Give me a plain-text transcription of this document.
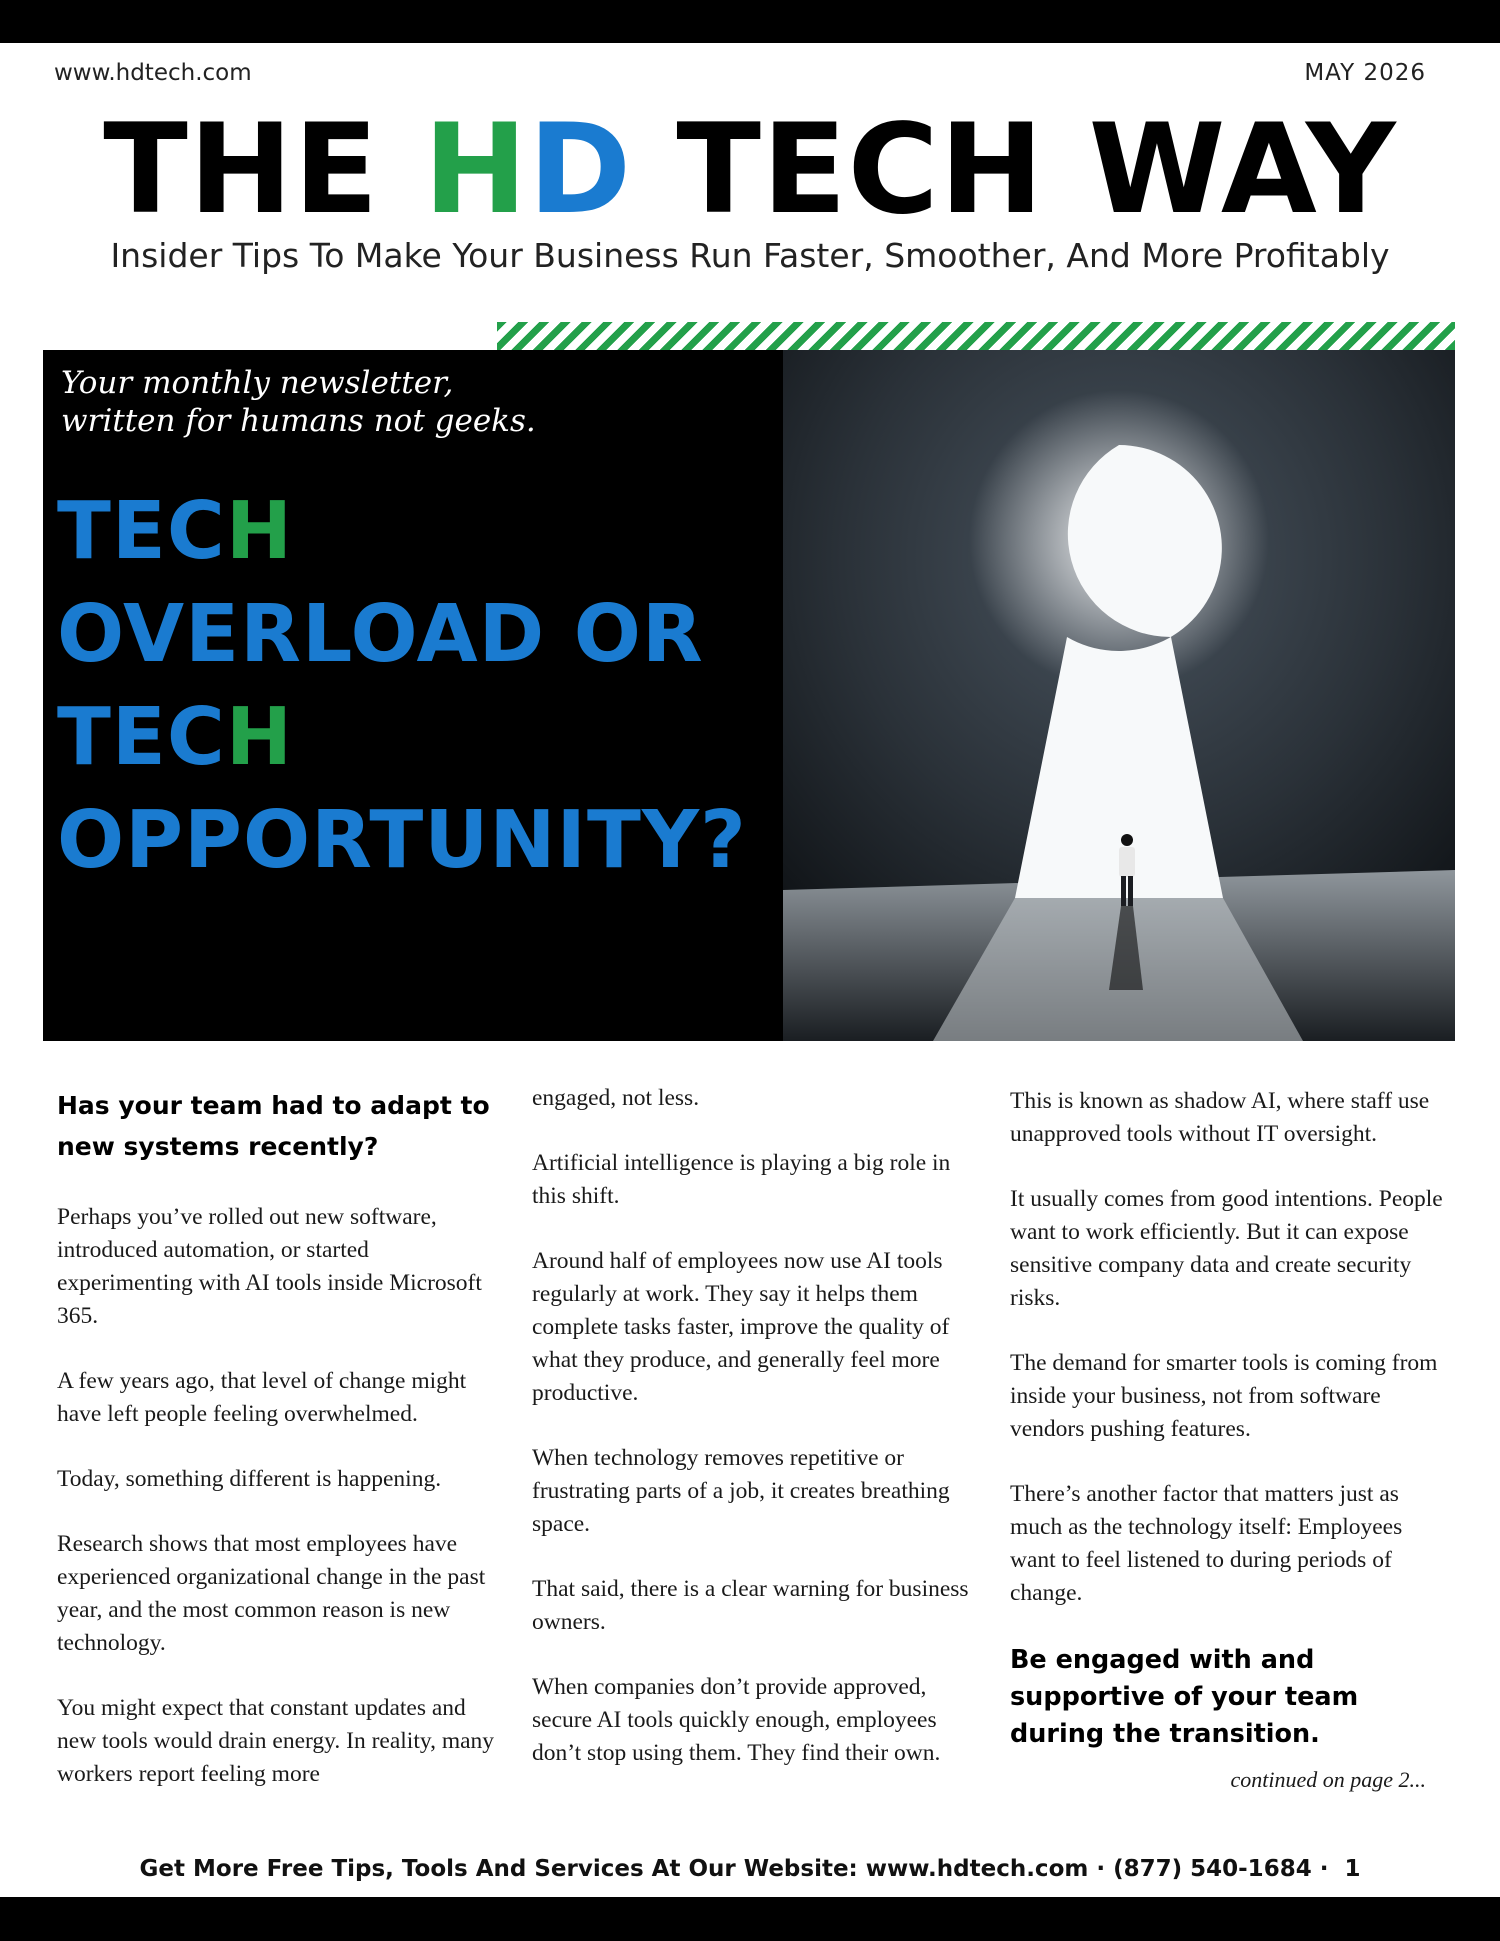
www.hdtech.com	MAY 2026
THE HD TECH WAY
Insider Tips To Make Your Business Run Faster, Smoother, And More Profitably
Your monthly newsletter,
written for humans not geeks.
TECH
OVERLOAD OR
TECH
OPPORTUNITY?
Has your team had to adapt to new systems recently?

Perhaps you’ve rolled out new software, introduced automation, or started experimenting with AI tools inside Microsoft 365.

A few years ago, that level of change might have left people feeling overwhelmed.

Today, something different is happening.

Research shows that most employees have experienced organizational change in the past year, and the most common reason is new technology.

You might expect that constant updates and new tools would drain energy. In reality, many workers report feeling more

engaged, not less.

Artificial intelligence is playing a big role in this shift.

Around half of employees now use AI tools regularly at work. They say it helps them complete tasks faster, improve the quality of what they produce, and generally feel more productive.

When technology removes repetitive or frustrating parts of a job, it creates breathing space.

That said, there is a clear warning for business owners.

When companies don’t provide approved, secure AI tools quickly enough, employees don’t stop using them. They find their own.

This is known as shadow AI, where staff use unapproved tools without IT oversight.

It usually comes from good intentions. People want to work efficiently. But it can expose sensitive company data and create security risks.

The demand for smarter tools is coming from inside your business, not from software vendors pushing features.

There’s another factor that matters just as much as the technology itself: Employees want to feel listened to during periods of change.

Be engaged with and supportive of your team during the transition.
continued on page 2...
Get More Free Tips, Tools And Services At Our Website: www.hdtech.com · (877) 540-1684 ·  1
